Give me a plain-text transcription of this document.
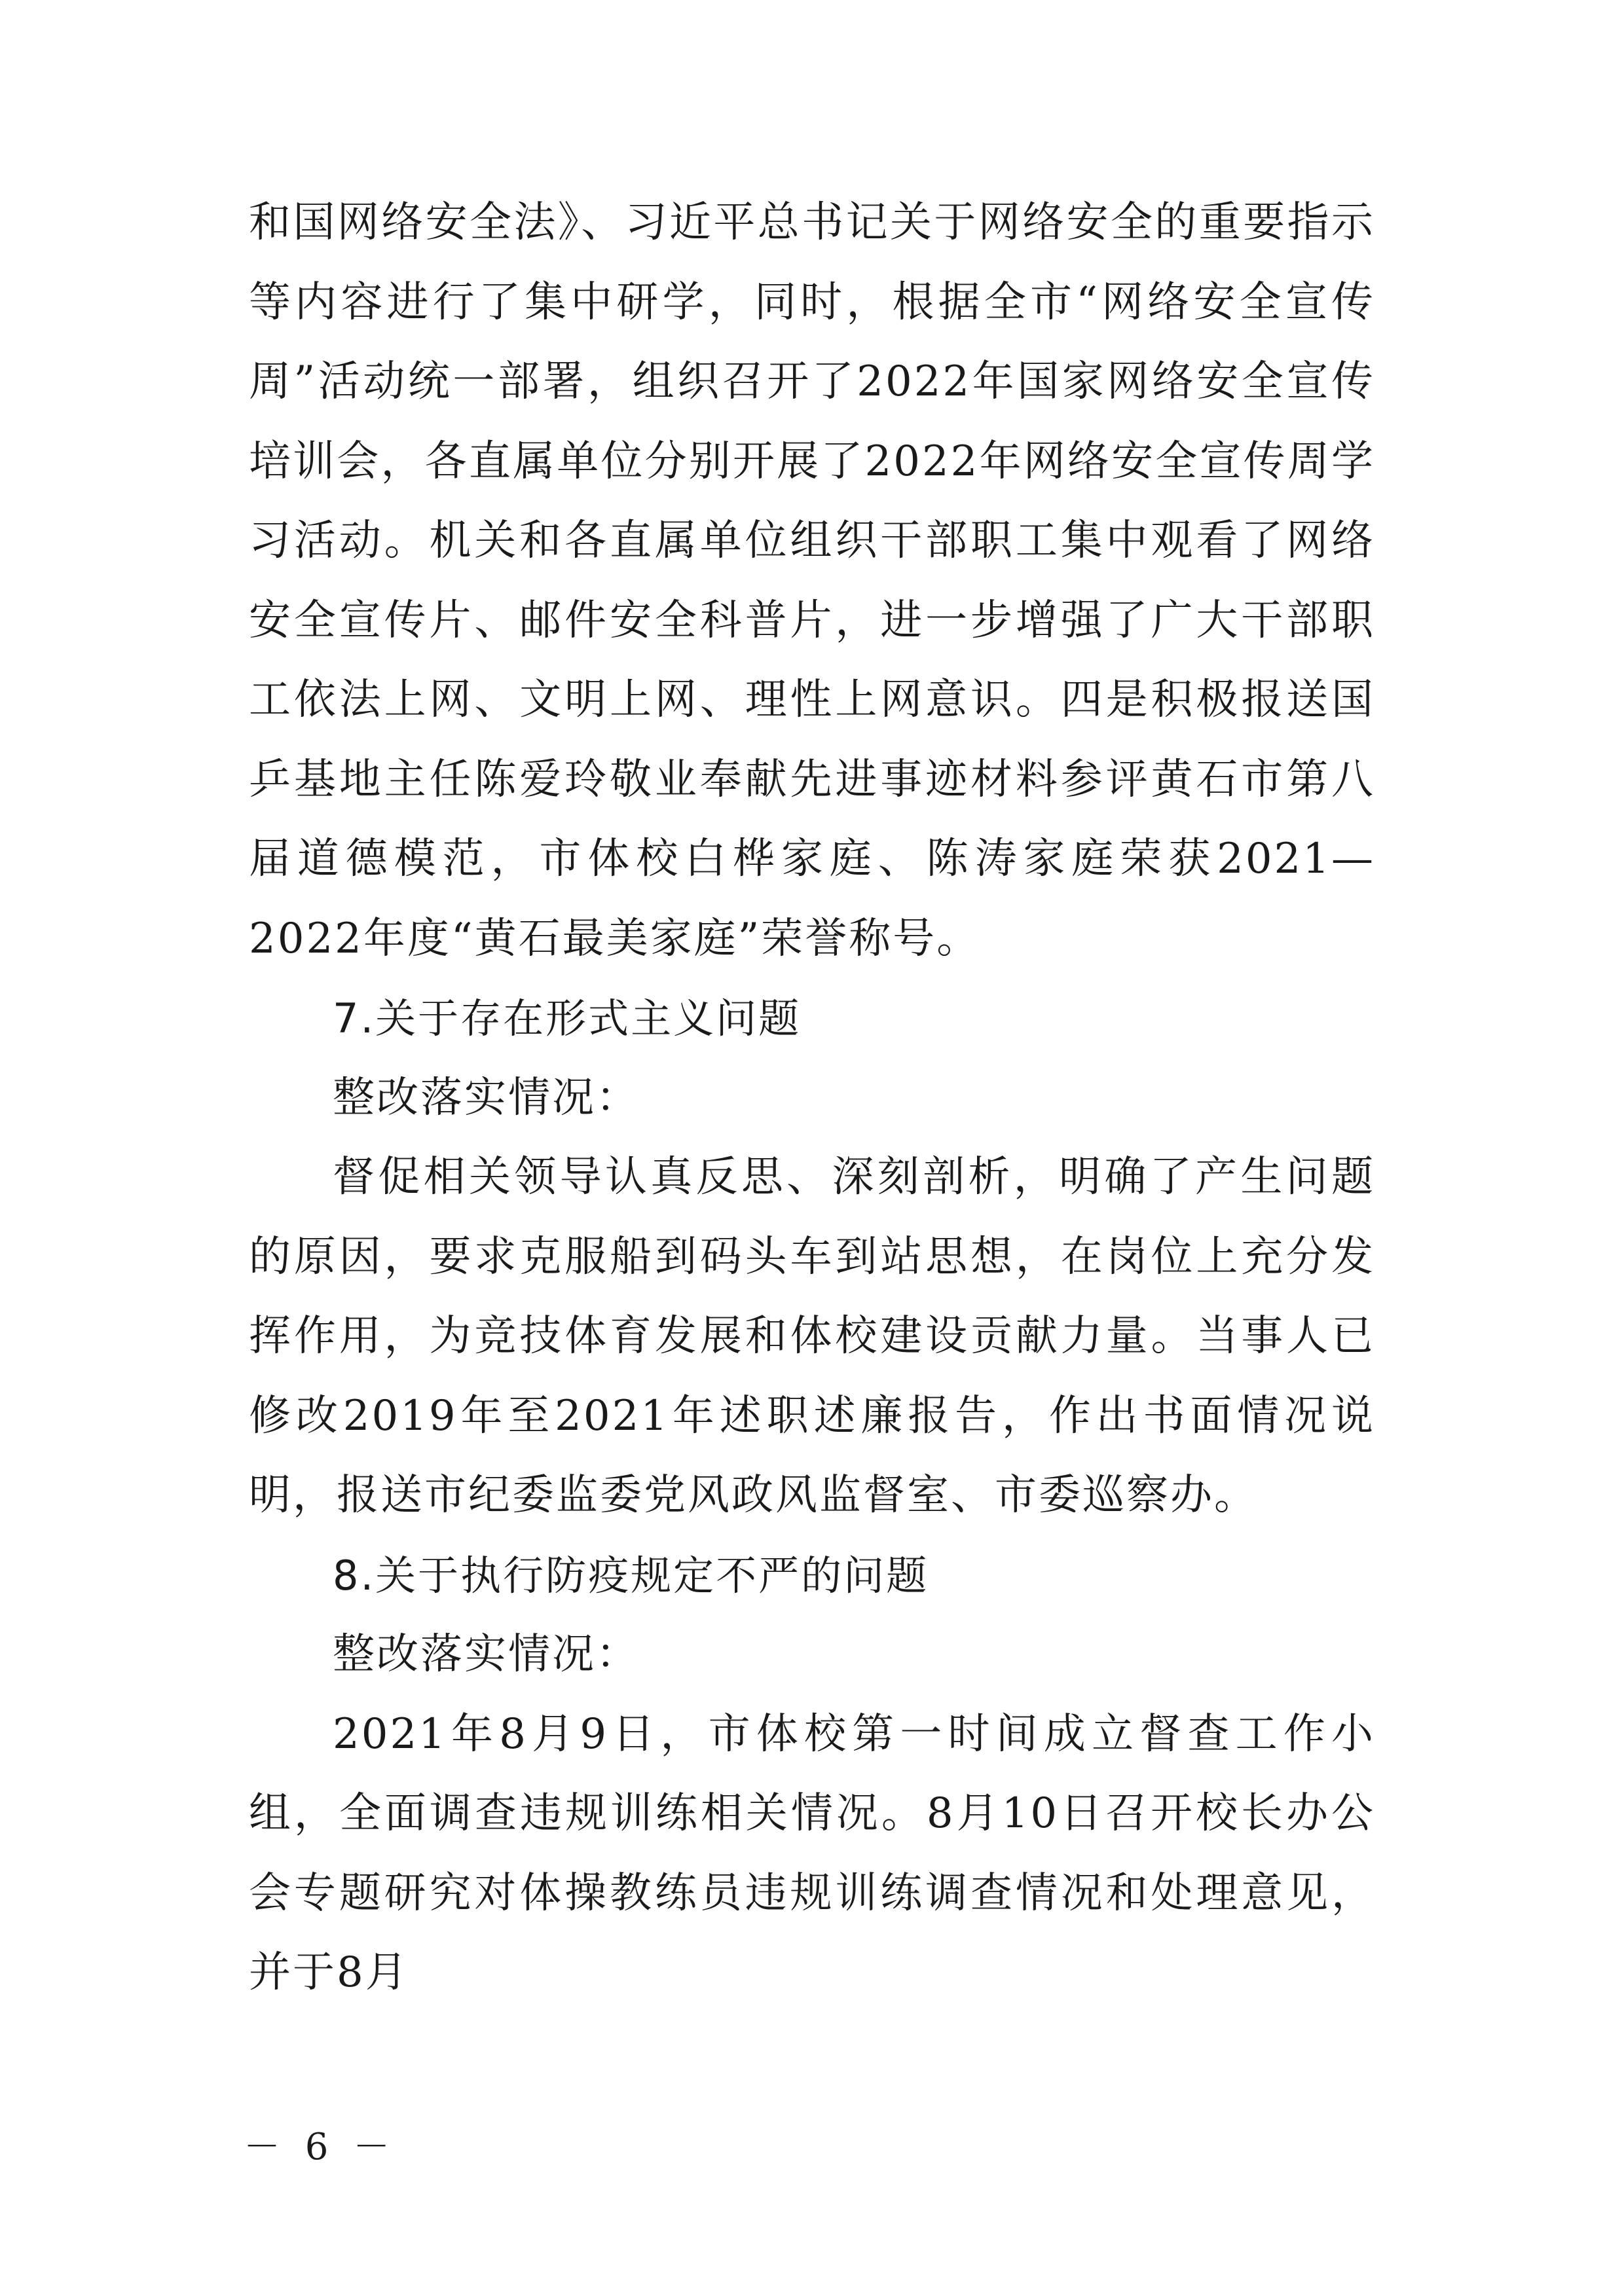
和国网络安全法》、习近平总书记关于网络安全的重要指示等内容进行了集中研学，同时，根据全市“网络安全宣传周”活动统一部署，组织召开了2022年国家网络安全宣传培训会，各直属单位分别开展了2022年网络安全宣传周学习活动。机关和各直属单位组织干部职工集中观看了网络安全宣传片、邮件安全科普片，进一步增强了广大干部职工依法上网、文明上网、理性上网意识。四是积极报送国乒基地主任陈爱玲敬业奉献先进事迹材料参评黄石市第八届道德模范，市体校白桦家庭、陈涛家庭荣获2021—2022年度“黄石最美家庭”荣誉称号。

7.关于存在形式主义问题

整改落实情况：

督促相关领导认真反思、深刻剖析，明确了产生问题的原因，要求克服船到码头车到站思想，在岗位上充分发挥作用，为竞技体育发展和体校建设贡献力量。当事人已修改2019年至2021年述职述廉报告，作出书面情况说明，报送市纪委监委党风政风监督室、市委巡察办。

8.关于执行防疫规定不严的问题

整改落实情况：

2021年8月9日，市体校第一时间成立督查工作小组，全面调查违规训练相关情况。8月10日召开校长办公会专题研究对体操教练员违规训练调查情况和处理意见，并于8月

－ 6 －
